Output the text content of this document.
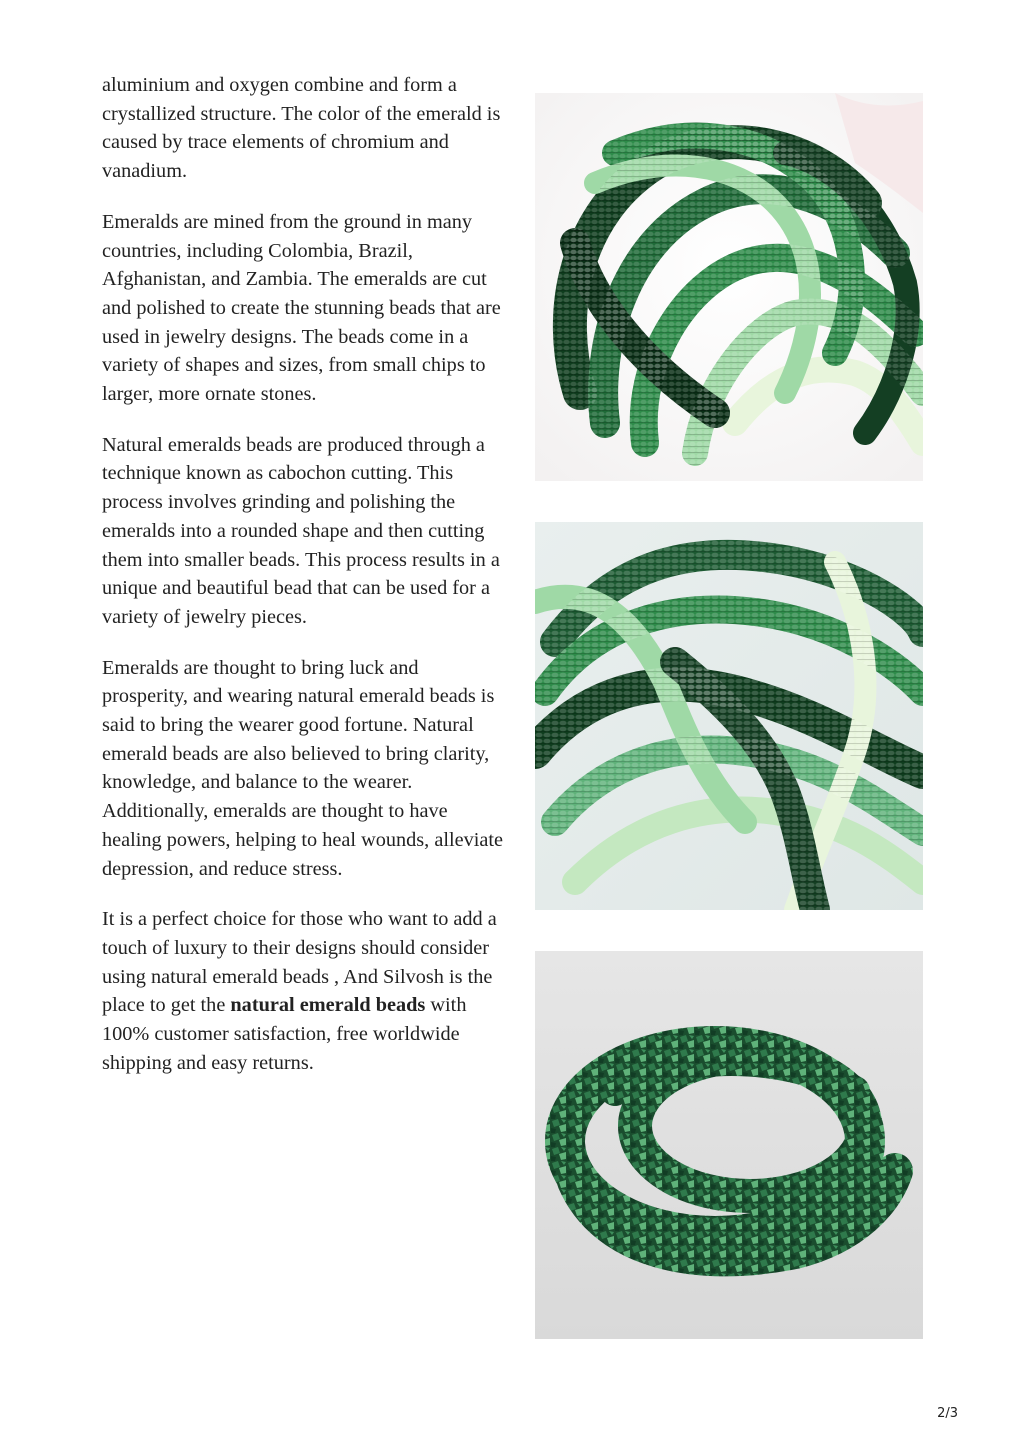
aluminium and oxygen combine and form a crystallized structure. The color of the emerald is caused by trace elements of chromium and vanadium.

Emeralds are mined from the ground in many countries, including Colombia, Brazil, Afghanistan, and Zambia. The emeralds are cut and polished to create the stunning beads that are used in jewelry designs. The beads come in a variety of shapes and sizes, from small chips to larger, more ornate stones.

Natural emeralds beads are produced through a technique known as cabochon cutting. This process involves grinding and polishing the emeralds into a rounded shape and then cutting them into smaller beads. This process results in a unique and beautiful bead that can be used for a variety of jewelry pieces.

Emeralds are thought to bring luck and prosperity, and wearing natural emerald beads is said to bring the wearer good fortune. Natural emerald beads are also believed to bring clarity, knowledge, and balance to the wearer. Additionally, emeralds are thought to have healing powers, helping to heal wounds, alleviate depression, and reduce stress.

It is a perfect choice for those who want to add a touch of luxury to their designs should consider using natural emerald beads , And Silvosh is the place to get the natural emerald beads with 100% customer satisfaction, free worldwide shipping and easy returns.

2/3
